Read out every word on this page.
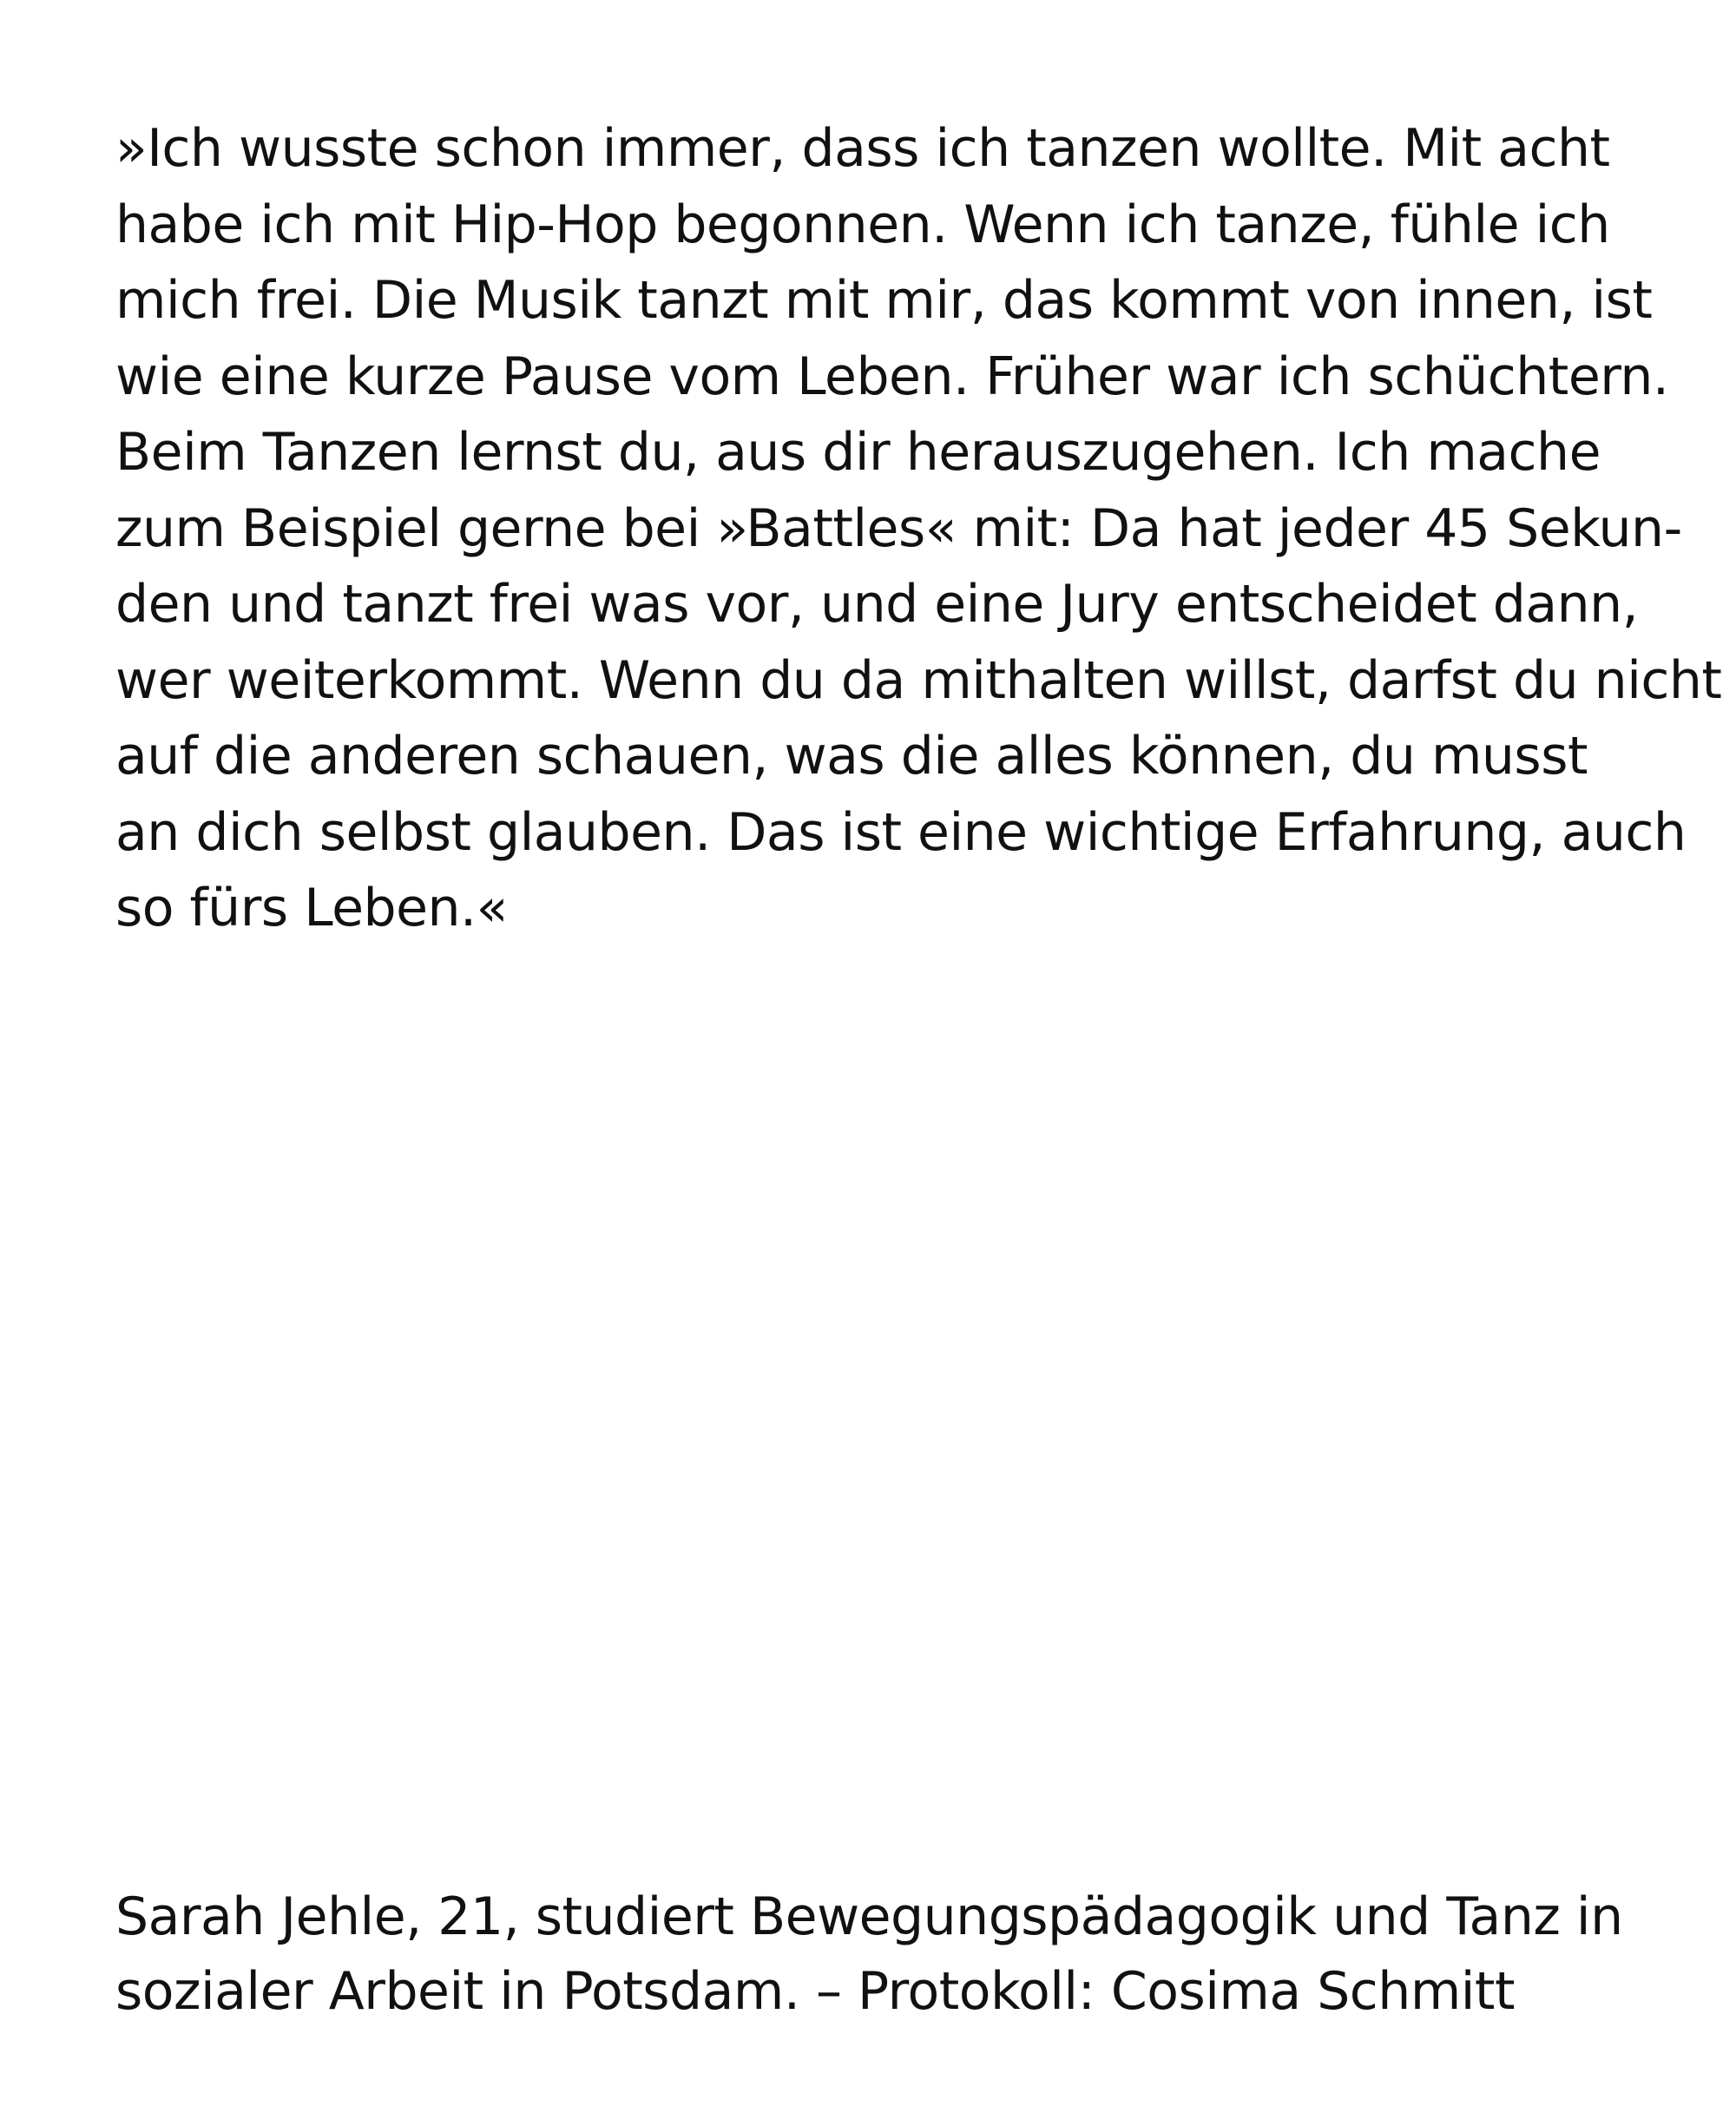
»Ich wusste schon immer, dass ich tanzen wollte. Mit acht
habe ich mit Hip-Hop begonnen. Wenn ich tanze, fühle ich
mich frei. Die Musik tanzt mit mir, das kommt von innen, ist
wie eine kurze Pause vom Leben. Früher war ich schüchtern.
Beim Tanzen lernst du, aus dir herauszugehen. Ich mache
zum Beispiel gerne bei »Battles« mit: Da hat jeder 45 Sekun-
den und tanzt frei was vor, und eine Jury entscheidet dann,
wer weiterkommt. Wenn du da mithalten willst, darfst du nicht
auf die anderen schauen, was die alles können, du musst
an dich selbst glauben. Das ist eine wichtige Erfahrung, auch
so fürs Leben.«
Sarah Jehle, 21, studiert Bewegungspädagogik und Tanz in
sozialer Arbeit in Potsdam. – Protokoll: Cosima Schmitt
